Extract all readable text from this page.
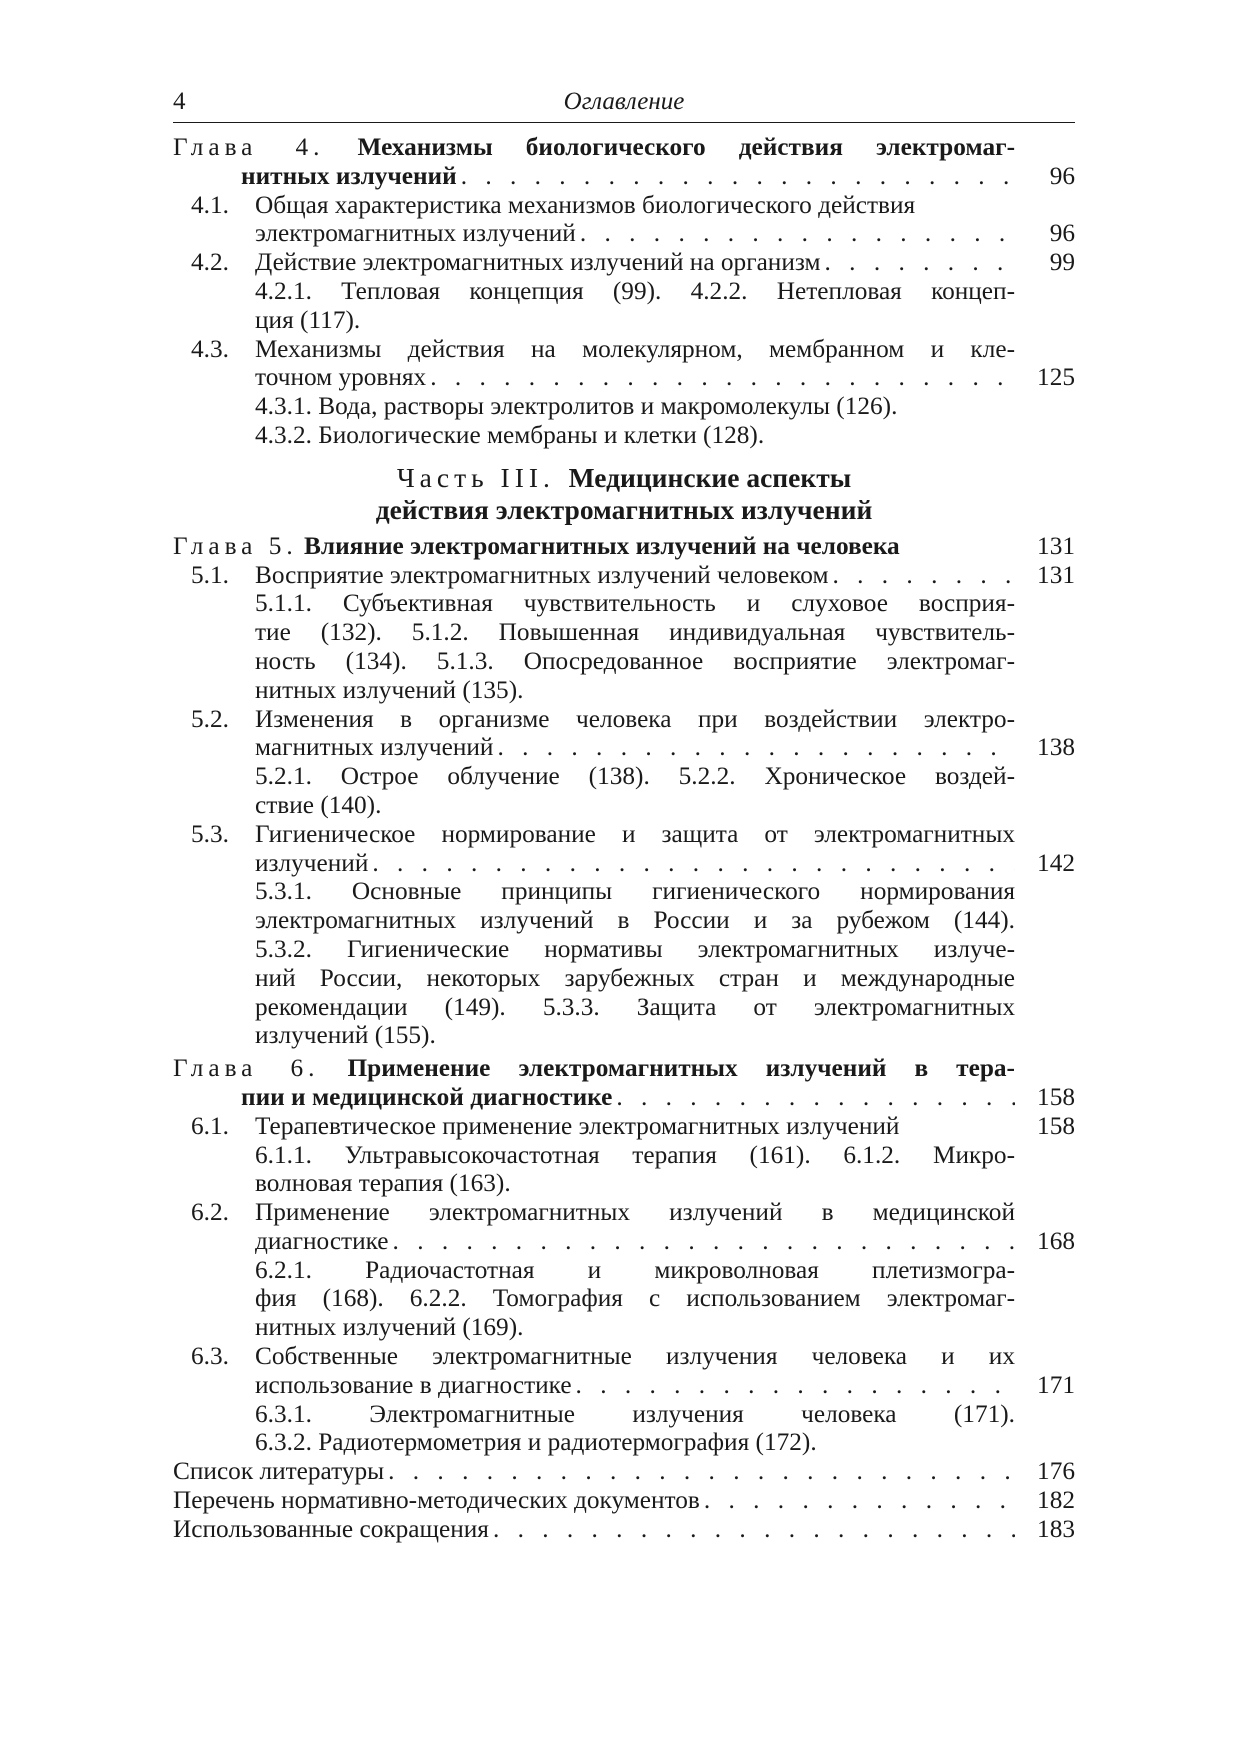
4	Оглавление
Глава 4. Механизмы биологического действия электромаг-
нитных излучений . . .	96
4.1. Общая характеристика механизмов биологического действия
электромагнитных излучений . . .	96
4.2. Действие электромагнитных излучений на организм . . .	99
4.2.1. Тепловая концепция (99). 4.2.2. Нетепловая концеп-
ция (117).
4.3. Механизмы действия на молекулярном, мембранном и кле-
точном уровнях . . .	125
4.3.1. Вода, растворы электролитов и макромолекулы (126).
4.3.2. Биологические мембраны и клетки (128).
Часть III. Медицинские аспекты
действия электромагнитных излучений
Глава 5. Влияние электромагнитных излучений на человека	131
5.1. Восприятие электромагнитных излучений человеком . . .	131
5.1.1. Субъективная чувствительность и слуховое восприя-
тие (132). 5.1.2. Повышенная индивидуальная чувствитель-
ность (134). 5.1.3. Опосредованное восприятие электромаг-
нитных излучений (135).
5.2. Изменения в организме человека при воздействии электро-
магнитных излучений . . .	138
5.2.1. Острое облучение (138). 5.2.2. Хроническое воздей-
ствие (140).
5.3. Гигиеническое нормирование и защита от электромагнитных
излучений . . .	142
5.3.1. Основные принципы гигиенического нормирования
электромагнитных излучений в России и за рубежом (144).
5.3.2. Гигиенические нормативы электромагнитных излуче-
ний России, некоторых зарубежных стран и международные
рекомендации (149). 5.3.3. Защита от электромагнитных
излучений (155).
Глава 6. Применение электромагнитных излучений в тера-
пии и медицинской диагностике . . .	158
6.1. Терапевтическое применение электромагнитных излучений	158
6.1.1. Ультравысокочастотная терапия (161). 6.1.2. Микро-
волновая терапия (163).
6.2. Применение электромагнитных излучений в медицинской
диагностике . . .	168
6.2.1. Радиочастотная и микроволновая плетизмогра-
фия (168). 6.2.2. Томография с использованием электромаг-
нитных излучений (169).
6.3. Собственные электромагнитные излучения человека и их
использование в диагностике . . .	171
6.3.1. Электромагнитные излучения человека (171).
6.3.2. Радиотермометрия и радиотермография (172).
Список литературы . . .	176
Перечень нормативно-методических документов . . .	182
Использованные сокращения . . .	183
